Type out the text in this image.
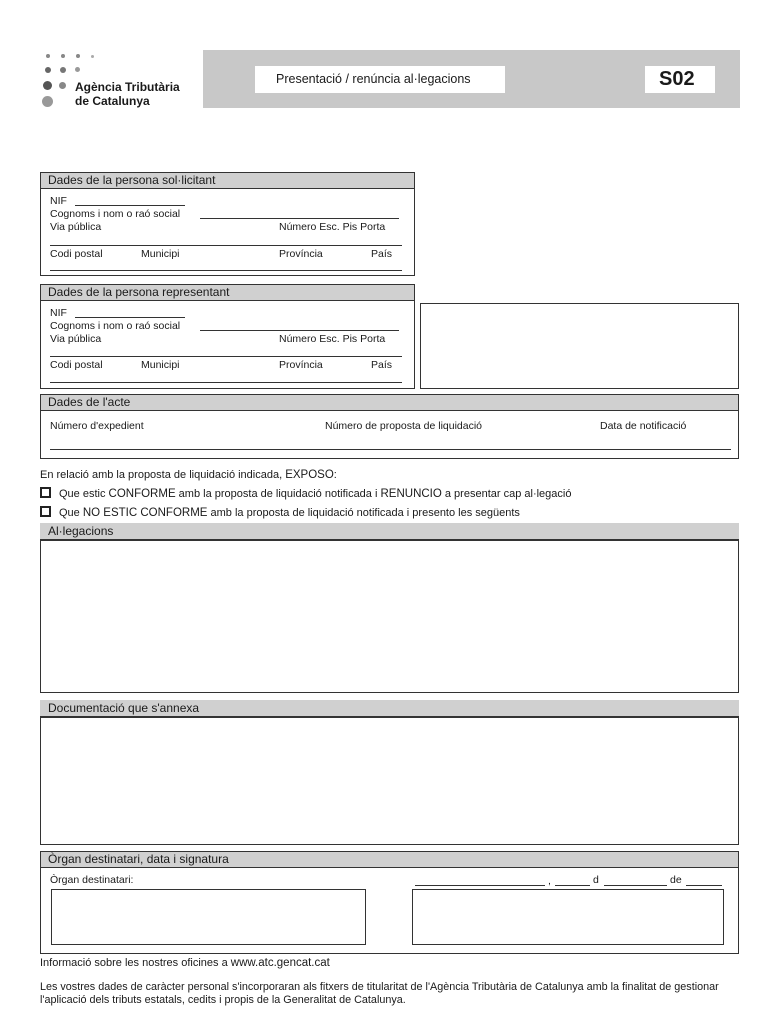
Agència Tributària
de Catalunya
Presentació / renúncia al·legacions	S02
Dades de la persona sol·licitant
NIF
Cognoms i nom o raó social
Via pública	Número Esc. Pis Porta
Codi postal	Municipi	Província	País
Dades de la persona representant
NIF
Cognoms i nom o raó social
Via pública	Número Esc. Pis Porta
Codi postal	Municipi	Província	País
Dades de l'acte
Número d'expedient	Número de proposta de liquidació	Data de notificació
En relació amb la proposta de liquidació indicada, EXPOSO:
Que estic CONFORME amb la proposta de liquidació notificada i RENUNCIO a presentar cap al·legació
Que NO ESTIC CONFORME amb la proposta de liquidació notificada i presento les següents
Al·legacions
Documentació que s'annexa
Òrgan destinatari, data i signatura
Òrgan destinatari:	,	d	de
Informació sobre les nostres oficines a www.atc.gencat.cat
Les vostres dades de caràcter personal s'incorporaran als fitxers de titularitat de l'Agència Tributària de Catalunya amb la finalitat de gestionar l'aplicació dels tributs estatals, cedits i propis de la Generalitat de Catalunya.
